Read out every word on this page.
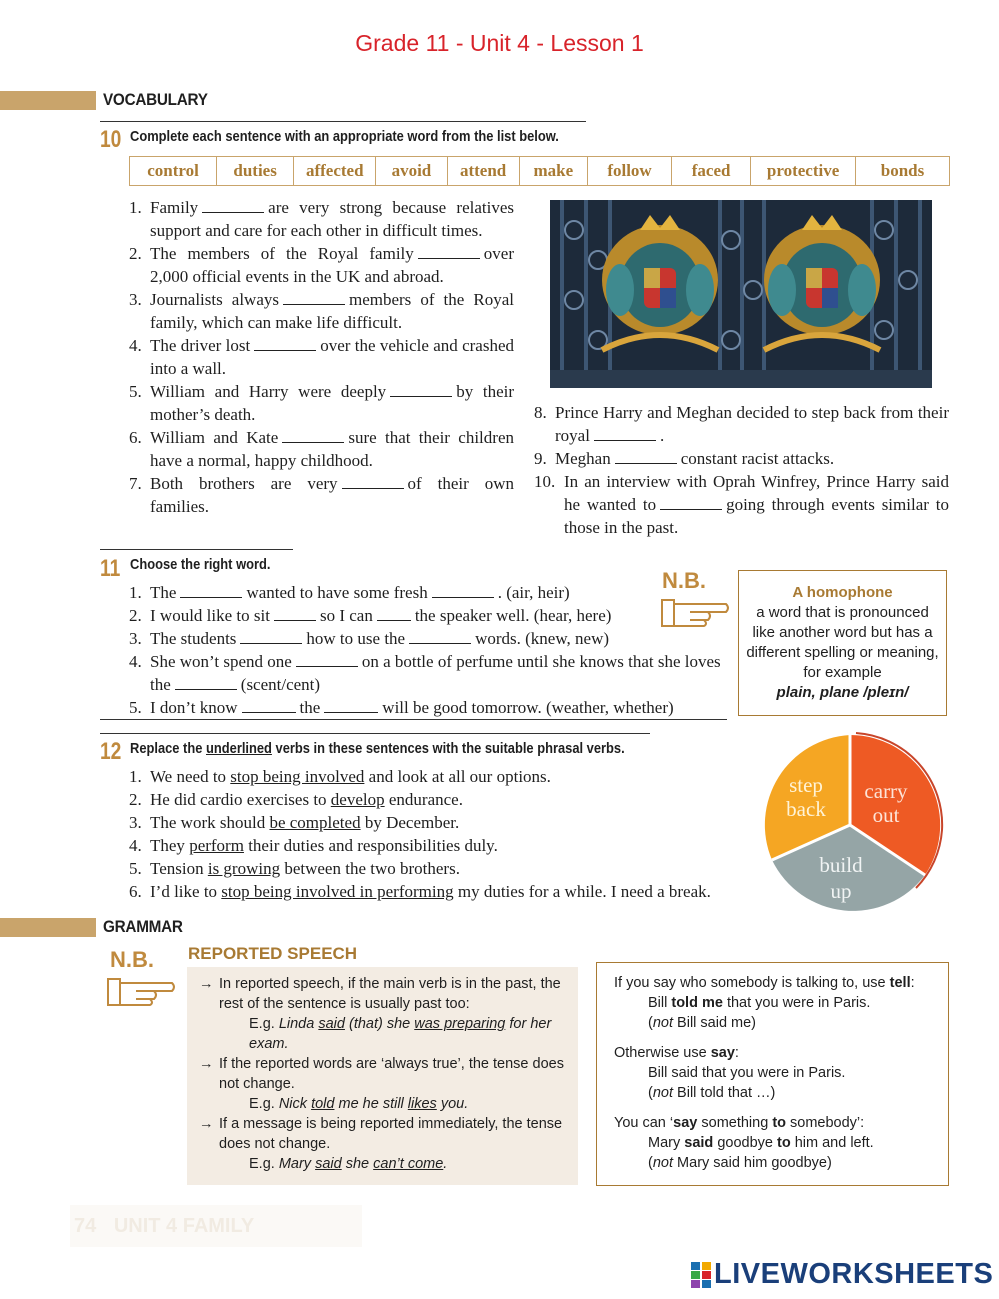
Grade 11 - Unit 4 - Lesson 1
VOCABULARY
10 Complete each sentence with an appropriate word from the list below.
control	duties	affected	avoid	attend	make	follow	faced	protective	bonds
1. Family	are very strong because relatives support and care for each other in difficult times.
2. The members of the Royal family	over 2,000 official events in the UK and abroad.
3. Journalists always	members of the Royal family, which can make life difficult.
4. The driver lost	over the vehicle and crashed into a wall.
5. William and Harry were deeply	by their mother’s death.
6. William and Kate	sure that their children have a normal, happy childhood.
7. Both brothers are very	of their own families.
8. Prince Harry and Meghan decided to step back from their royal	.
9. Meghan	constant racist attacks.
10. In an interview with Oprah Winfrey, Prince Harry said he wanted to	going through events similar to those in the past.
11 Choose the right word.
1. The	wanted to have some fresh	. (air, heir)
2. I would like to sit	so I can the speaker well. (hear, here)
3. The students	how to use the	words. (knew, new)
4. She won’t spend one	on a bottle of perfume until she knows that she loves the	(scent/cent)
5. I don’t know	the	will be good tomorrow. (weather, whether)
N.B.	A homophone
a word that is pronounced like another word but has a different spelling or meaning, for example
plain, plane /pleɪn/
12 Replace the underlined verbs in these sentences with the suitable phrasal verbs.
1. We need to stop being involved and look at all our options.
2. He did cardio exercises to develop endurance.
3. The work should be completed by December.
4. They perform their duties and responsibilities duly.
5. Tension is growing between the two brothers.
6. I’d like to stop being involved in performing my duties for a while. I need a break.
step
back
carry
out
build
up
GRAMMAR
N.B. REPORTED SPEECH
→ In reported speech, if the main verb is in the past, the rest of the sentence is usually past too:
E.g. Linda said (that) she was preparing for her exam.
→ If the reported words are ‘always true’, the tense does not change.
E.g. Nick told me he still likes you.
→ If a message is being reported immediately, the tense does not change.
E.g. Mary said she can’t come.
If you say who somebody is talking to, use tell:
Bill told me that you were in Paris.
(not Bill said me)
Otherwise use say:
Bill said that you were in Paris.
(not Bill told that …)
You can ‘say something to somebody’:
Mary said goodbye to him and left.
(not Mary said him goodbye)
74 UNIT 4 FAMILY
LIVEWORKSHEETS
